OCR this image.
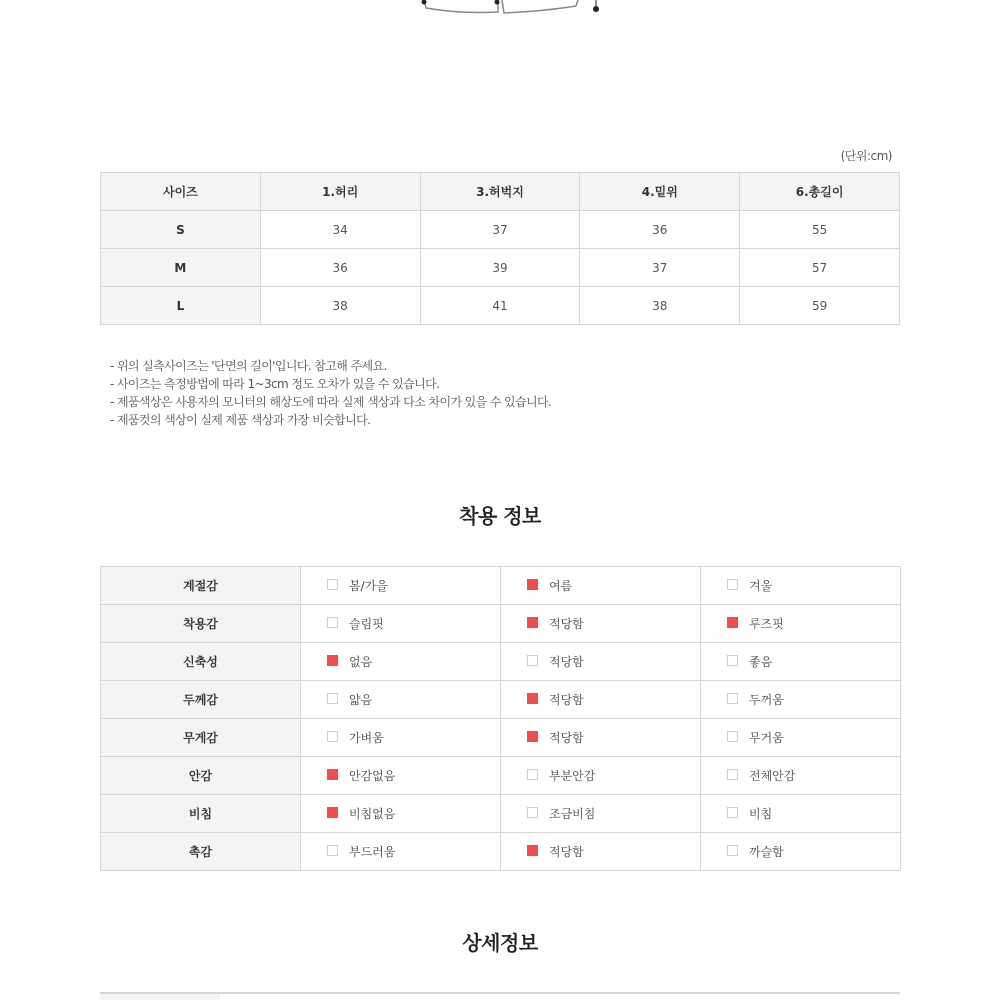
(단위:cm)
사이즈	1.허리	3.허벅지	4.밑위	6.총길이
S	34	37	36	55
M	36	39	37	57
L	38	41	38	59
- 위의 실측사이즈는 '단면의 길이'입니다. 참고해 주세요.
- 사이즈는 측정방법에 따라 1~3cm 정도 오차가 있을 수 있습니다.
- 제품색상은 사용자의 모니터의 해상도에 따라 실제 색상과 다소 차이가 있을 수 있습니다.
- 제품컷의 색상이 실제 제품 색상과 가장 비슷합니다.
착용 정보
계절감	봄/가을	여름	겨울
착용감	슬림핏	적당함	루즈핏
신축성	없음	적당함	좋음
두께감	얇음	적당함	두꺼움
무게감	가벼움	적당함	무거움
안감	안감없음	부분안감	전체안감
비침	비침없음	조금비침	비침
촉감	부드러움	적당함	까슬함
상세정보
